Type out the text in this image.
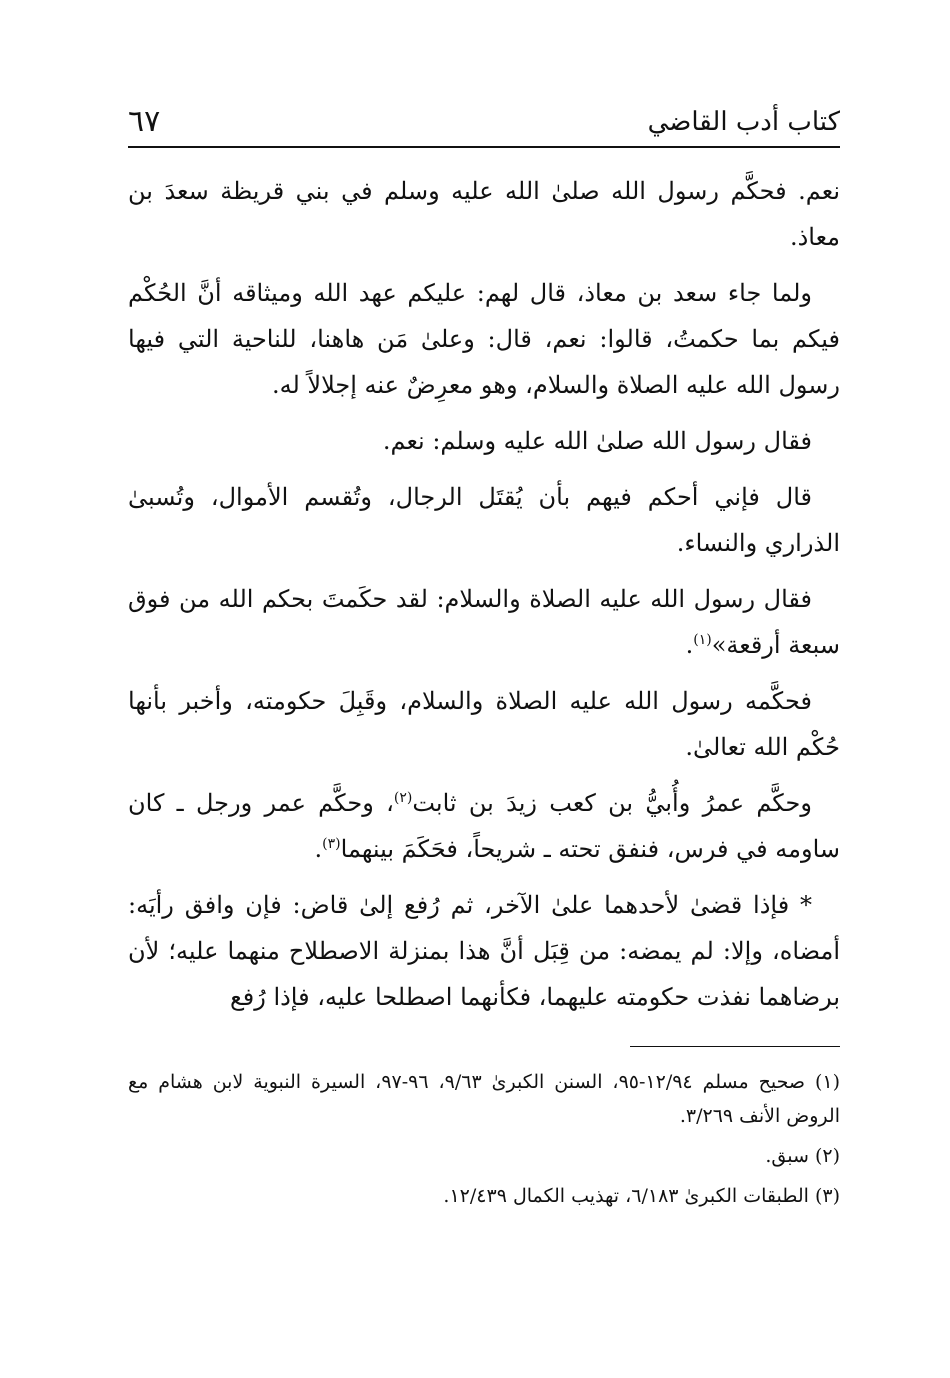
كتاب أدب القاضي
٦٧

نعم. فحكَّم رسول الله صلىٰ الله عليه وسلم في بني قريظة سعدَ بن معاذ.

ولما جاء سعد بن معاذ، قال لهم: عليكم عهد الله وميثاقه أنَّ الحُكْم فيكم بما حكمتُ، قالوا: نعم، قال: وعلىٰ مَن هاهنا، للناحية التي فيها رسول الله عليه الصلاة والسلام، وهو معرِضٌ عنه إجلالاً له.

فقال رسول الله صلىٰ الله عليه وسلم: نعم.

قال فإني أحكم فيهم بأن يُقتَل الرجال، وتُقسم الأموال، وتُسبىٰ الذراري والنساء.

فقال رسول الله عليه الصلاة والسلام: لقد حكَمتَ بحكم الله من فوق سبعة أرقعة»$^{(١)}$.

فحكَّمه رسول الله عليه الصلاة والسلام، وقَبِلَ حكومته، وأخبر بأنها حُكْم الله تعالىٰ.

وحكَّم عمرُ وأُبيُّ بن كعب زيدَ بن ثابت$^{(٢)}$، وحكَّم عمر ورجل ـ كان ساومه في فرس، فنفق تحته ـ شريحاً، فحَكَمَ بينهما$^{(٣)}$.

* فإذا قضىٰ لأحدهما علىٰ الآخر، ثم رُفع إلىٰ قاض: فإن وافق رأيَه: أمضاه، وإلا: لم يمضه: من قِبَل أنَّ هذا بمنزلة الاصطلاح منهما عليه؛ لأن برضاهما نفذت حكومته عليهما، فكأنهما اصطلحا عليه، فإذا رُفع

(١) صحيح مسلم ١٢/٩٤-٩٥، السنن الكبرىٰ ٩/٦٣، ٩٦-٩٧، السيرة النبوية لابن هشام مع الروض الأنف ٣/٢٦٩.

(٢) سبق.

(٣) الطبقات الكبرىٰ ٦/١٨٣، تهذيب الكمال ١٢/٤٣٩.
